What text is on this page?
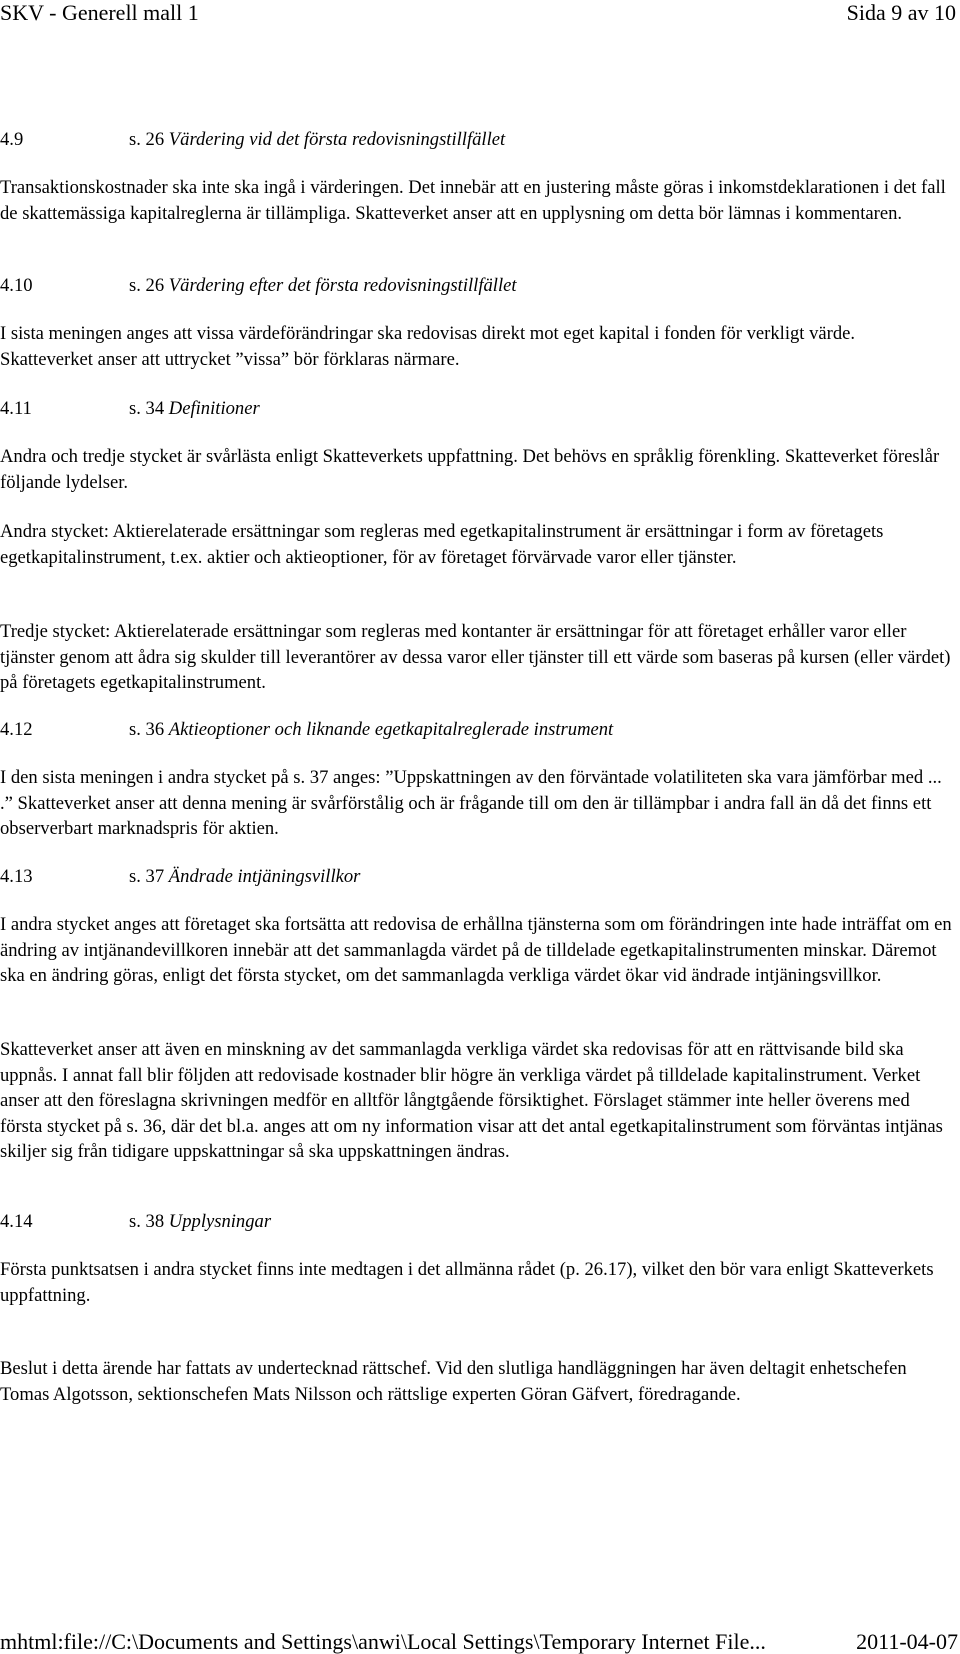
SKV - Generell mall 1	Sida 9 av 10
4.9	s. 26 Värdering vid det första redovisningstillfället

Transaktionskostnader ska inte ska ingå i värderingen. Det innebär att en justering måste göras i inkomstdeklarationen i det fall de skattemässiga kapitalreglerna är tillämpliga. Skatteverket anser att en upplysning om detta bör lämnas i kommentaren.

4.10	s. 26 Värdering efter det första redovisningstillfället

I sista meningen anges att vissa värdeförändringar ska redovisas direkt mot eget kapital i fonden för verkligt värde. Skatteverket anser att uttrycket ”vissa” bör förklaras närmare.

4.11	s. 34 Definitioner

Andra och tredje stycket är svårlästa enligt Skatteverkets uppfattning. Det behövs en språklig förenkling. Skatteverket föreslår följande lydelser.

Andra stycket: Aktierelaterade ersättningar som regleras med egetkapitalinstrument är ersättningar i form av företagets egetkapitalinstrument, t.ex. aktier och aktieoptioner, för av företaget förvärvade varor eller tjänster.

Tredje stycket: Aktierelaterade ersättningar som regleras med kontanter är ersättningar för att företaget erhåller varor eller tjänster genom att ådra sig skulder till leverantörer av dessa varor eller tjänster till ett värde som baseras på kursen (eller värdet) på företagets egetkapitalinstrument.

4.12	s. 36 Aktieoptioner och liknande egetkapitalreglerade instrument

I den sista meningen i andra stycket på s. 37 anges: ”Uppskattningen av den förväntade volatiliteten ska vara jämförbar med ... .” Skatteverket anser att denna mening är svårförstålig och är frågande till om den är tillämpbar i andra fall än då det finns ett observerbart marknadspris för aktien.

4.13	s. 37 Ändrade intjäningsvillkor

I andra stycket anges att företaget ska fortsätta att redovisa de erhållna tjänsterna som om förändringen inte hade inträffat om en ändring av intjänandevillkoren innebär att det sammanlagda värdet på de tilldelade egetkapitalinstrumenten minskar. Däremot ska en ändring göras, enligt det första stycket, om det sammanlagda verkliga värdet ökar vid ändrade intjäningsvillkor.

Skatteverket anser att även en minskning av det sammanlagda verkliga värdet ska redovisas för att en rättvisande bild ska uppnås. I annat fall blir följden att redovisade kostnader blir högre än verkliga värdet på tilldelade kapitalinstrument. Verket anser att den föreslagna skrivningen medför en alltför långtgående försiktighet. Förslaget stämmer inte heller överens med första stycket på s. 36, där det bl.a. anges att om ny information visar att det antal egetkapitalinstrument som förväntas intjänas skiljer sig från tidigare uppskattningar så ska uppskattningen ändras.

4.14	s. 38 Upplysningar

Första punktsatsen i andra stycket finns inte medtagen i det allmänna rådet (p. 26.17), vilket den bör vara enligt Skatteverkets uppfattning.

Beslut i detta ärende har fattats av undertecknad rättschef. Vid den slutliga handläggningen har även deltagit enhetschefen Tomas Algotsson, sektionschefen Mats Nilsson och rättslige experten Göran Gäfvert, föredragande.

mhtml:file://C:\Documents and Settings\anwi\Local Settings\Temporary Internet File...	2011-04-07
